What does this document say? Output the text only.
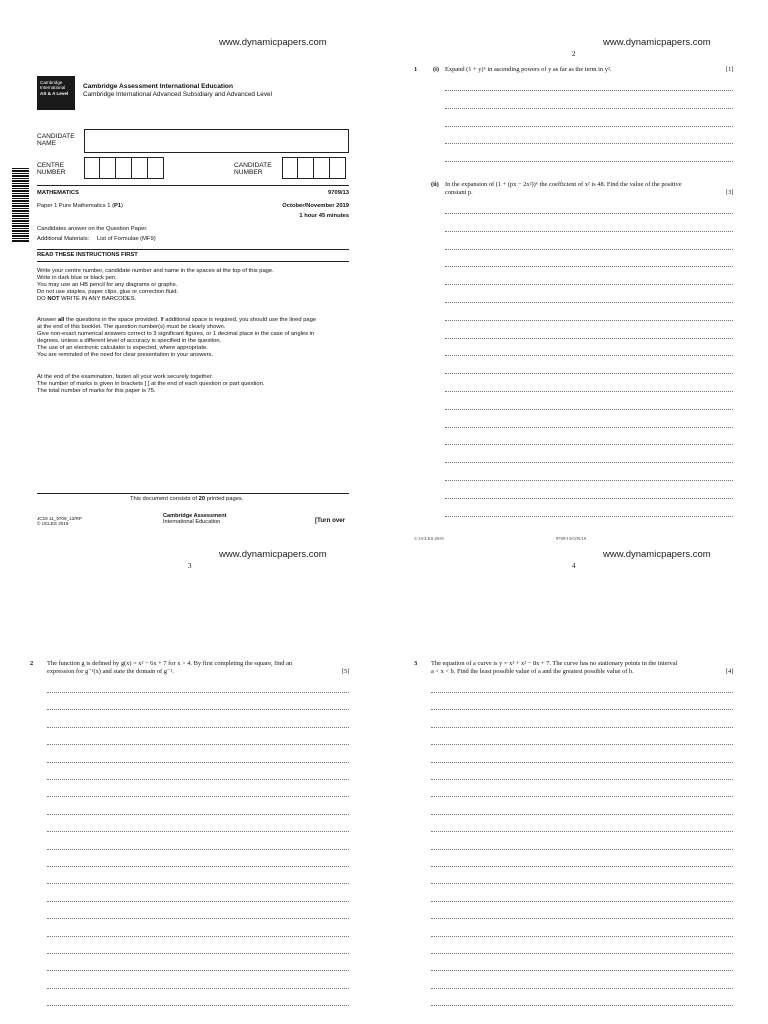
www.dynamicpapers.com
Cambridge
International
AS & A Level
Cambridge Assessment International Education
Cambridge International Advanced Subsidiary and Advanced Level
CANDIDATE
NAME
CENTRE
NUMBER
CANDIDATE
NUMBER
MATHEMATICS	9709/13
Paper 1 Pure Mathematics 1 (P1)	October/November 2019
1 hour 45 minutes
Candidates answer on the Question Paper.
Additional Materials: List of Formulae (MF9)
READ THESE INSTRUCTIONS FIRST
Write your centre number, candidate number and name in the spaces at the top of this page.
Write in dark blue or black pen.
You may use an HB pencil for any diagrams or graphs.
Do not use staples, paper clips, glue or correction fluid.
DO NOT WRITE IN ANY BARCODES.
Answer all the questions in the space provided. If additional space is required, you should use the lined page
at the end of this booklet. The question number(s) must be clearly shown.
Give non-exact numerical answers correct to 3 significant figures, or 1 decimal place in the case of angles in
degrees, unless a different level of accuracy is specified in the question.
The use of an electronic calculator is expected, where appropriate.
You are reminded of the need for clear presentation in your answers.
At the end of the examination, fasten all your work securely together.
The number of marks is given in brackets [ ] at the end of each question or part question.
The total number of marks for this paper is 75.
This document consists of 20 printed pages.
JC19 11_9709_13/RP
© UCLES 2019
Cambridge Assessment
International Education	[Turn over
www.dynamicpapers.com
2
1 (i) Expand (1 + y)⁶ in ascending powers of y as far as the term in y².	[1]
(ii) In the expansion of (1 + (px − 2x²))⁶ the coefficient of x² is 48. Find the value of the positive
constant p.	[3]
© UCLES 2019	9709/13/O/N/19
www.dynamicpapers.com
3
2 The function g is defined by g(x) = x² − 6x + 7 for x > 4. By first completing the square, find an
expression for g⁻¹(x) and state the domain of g⁻¹.	[5]
www.dynamicpapers.com
4
3 The equation of a curve is y = x³ + x² − 8x + 7. The curve has no stationary points in the interval
a < x < b. Find the least possible value of a and the greatest possible value of b.	[4]
